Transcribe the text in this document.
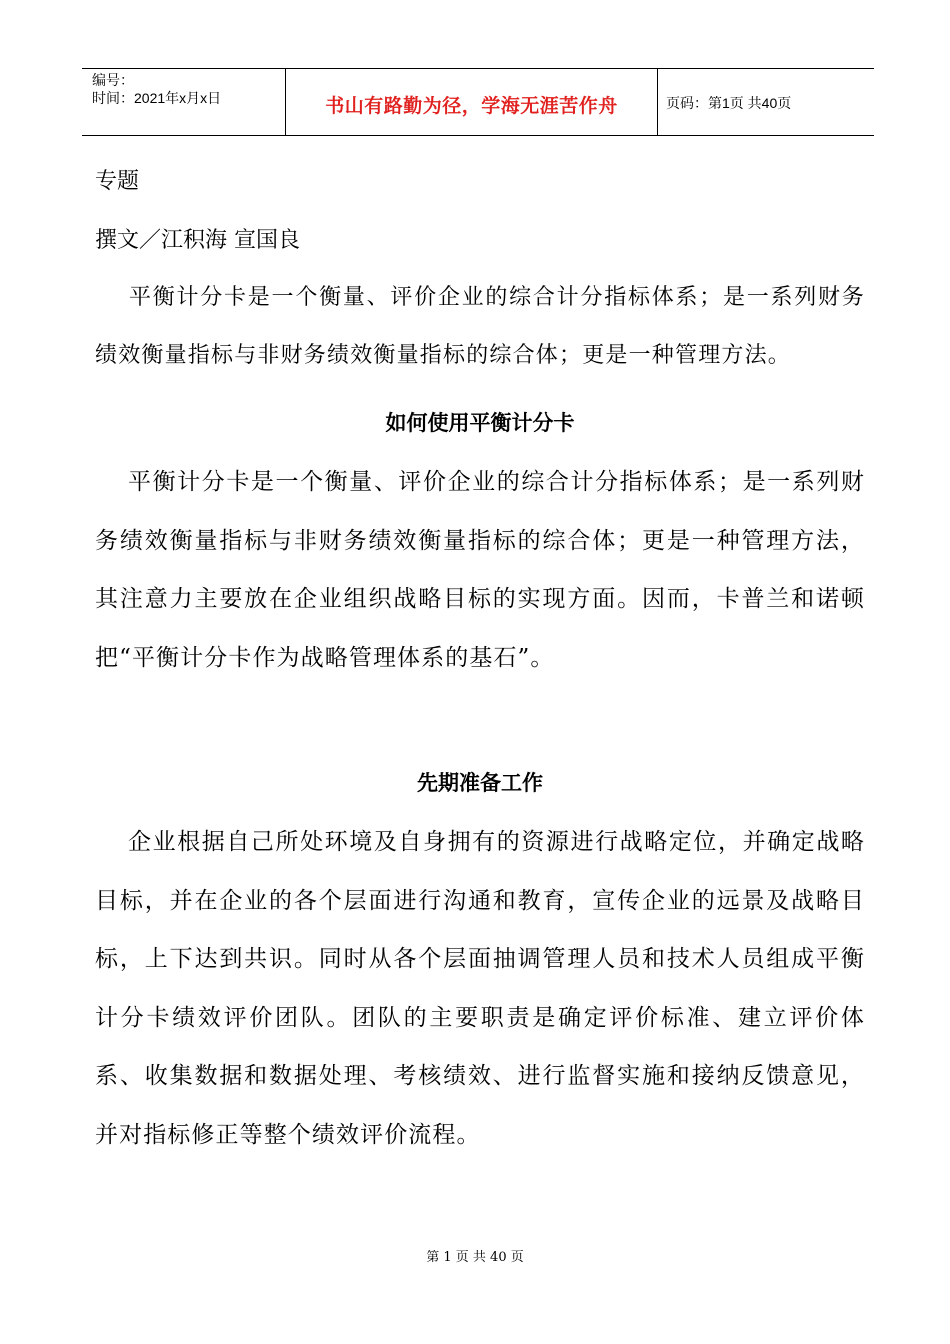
编号：
时间：2021年x月x日	书山有路勤为径，学海无涯苦作舟	页码：第1页 共40页

专题

撰文／江积海 宣国良

平衡计分卡是一个衡量、评价企业的综合计分指标体系；是一系列财务绩效衡量指标与非财务绩效衡量指标的综合体；更是一种管理方法。

如何使用平衡计分卡

平衡计分卡是一个衡量、评价企业的综合计分指标体系；是一系列财务绩效衡量指标与非财务绩效衡量指标的综合体；更是一种管理方法，其注意力主要放在企业组织战略目标的实现方面。因而，卡普兰和诺顿把“平衡计分卡作为战略管理体系的基石”。

先期准备工作

企业根据自己所处环境及自身拥有的资源进行战略定位，并确定战略目标，并在企业的各个层面进行沟通和教育，宣传企业的远景及战略目标，上下达到共识。同时从各个层面抽调管理人员和技术人员组成平衡计分卡绩效评价团队。团队的主要职责是确定评价标准、建立评价体系、收集数据和数据处理、考核绩效、进行监督实施和接纳反馈意见，并对指标修正等整个绩效评价流程。

第 1 页 共 40 页
